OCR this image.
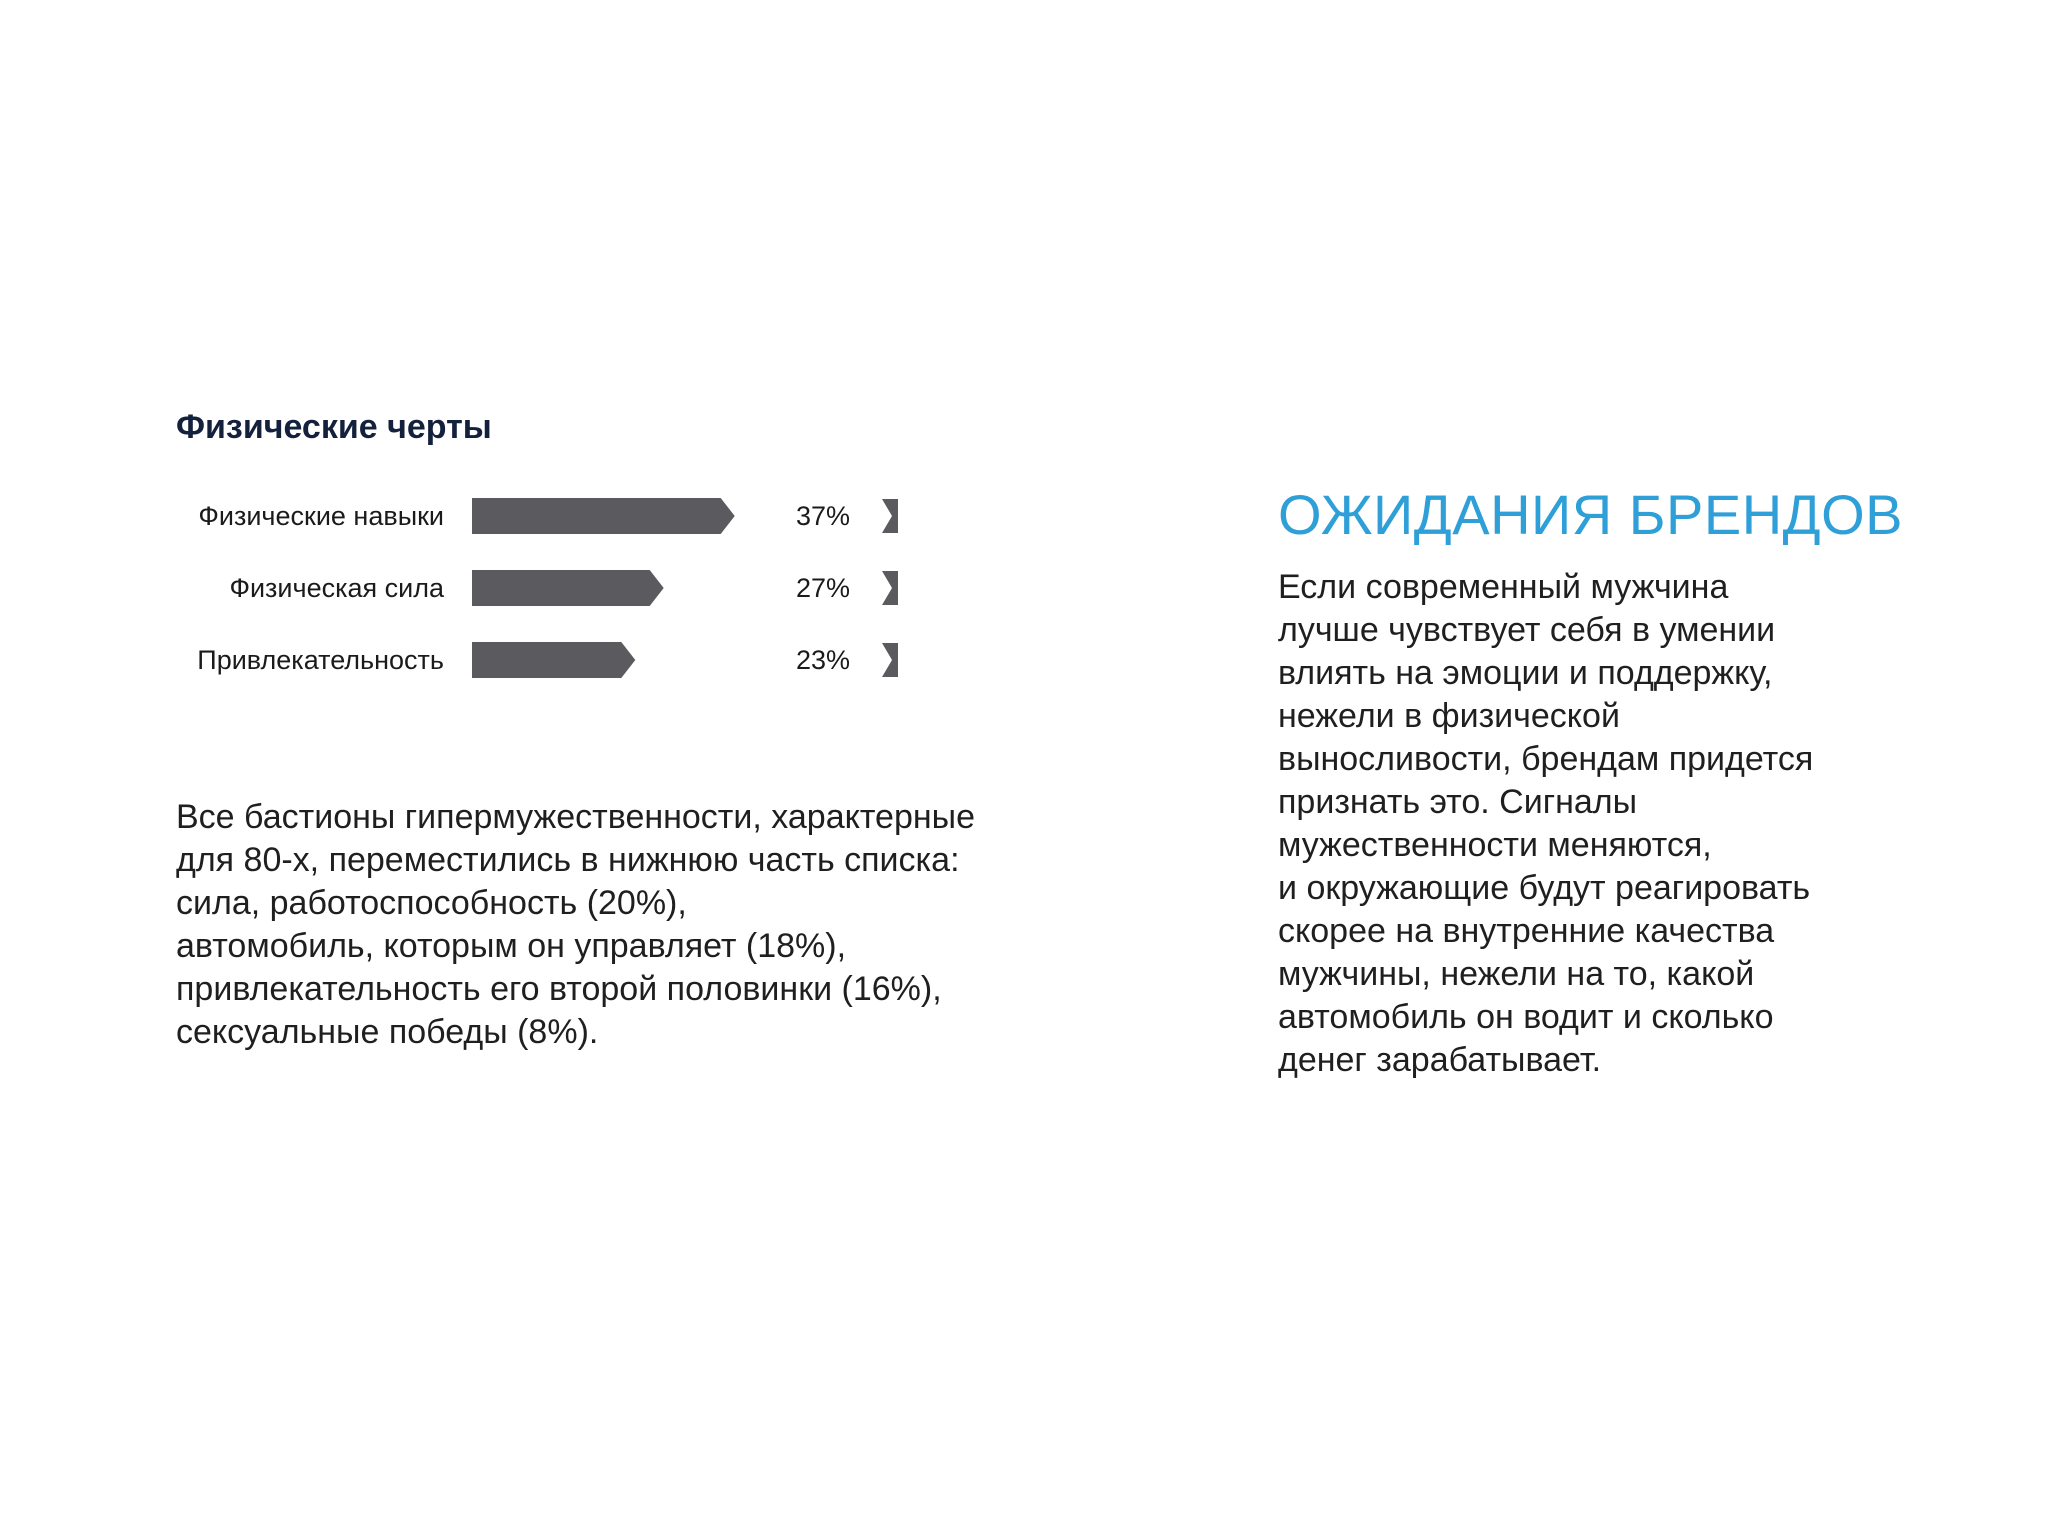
Физические черты
Физические навыки	37%
Физическая сила	27%
Привлекательность	23%

Все бастионы гипермужественности, характерные
для 80-х, переместились в нижнюю часть списка:
сила, работоспособность (20%),
автомобиль, которым он управляет (18%),
привлекательность его второй половинки (16%),
сексуальные победы (8%).

ОЖИДАНИЯ БРЕНДОВ

Если современный мужчина
лучше чувствует себя в умении
влиять на эмоции и поддержку,
нежели в физической
выносливости, брендам придется
признать это. Сигналы
мужественности меняются,
и окружающие будут реагировать
скорее на внутренние качества
мужчины, нежели на то, какой
автомобиль он водит и сколько
денег зарабатывает.
